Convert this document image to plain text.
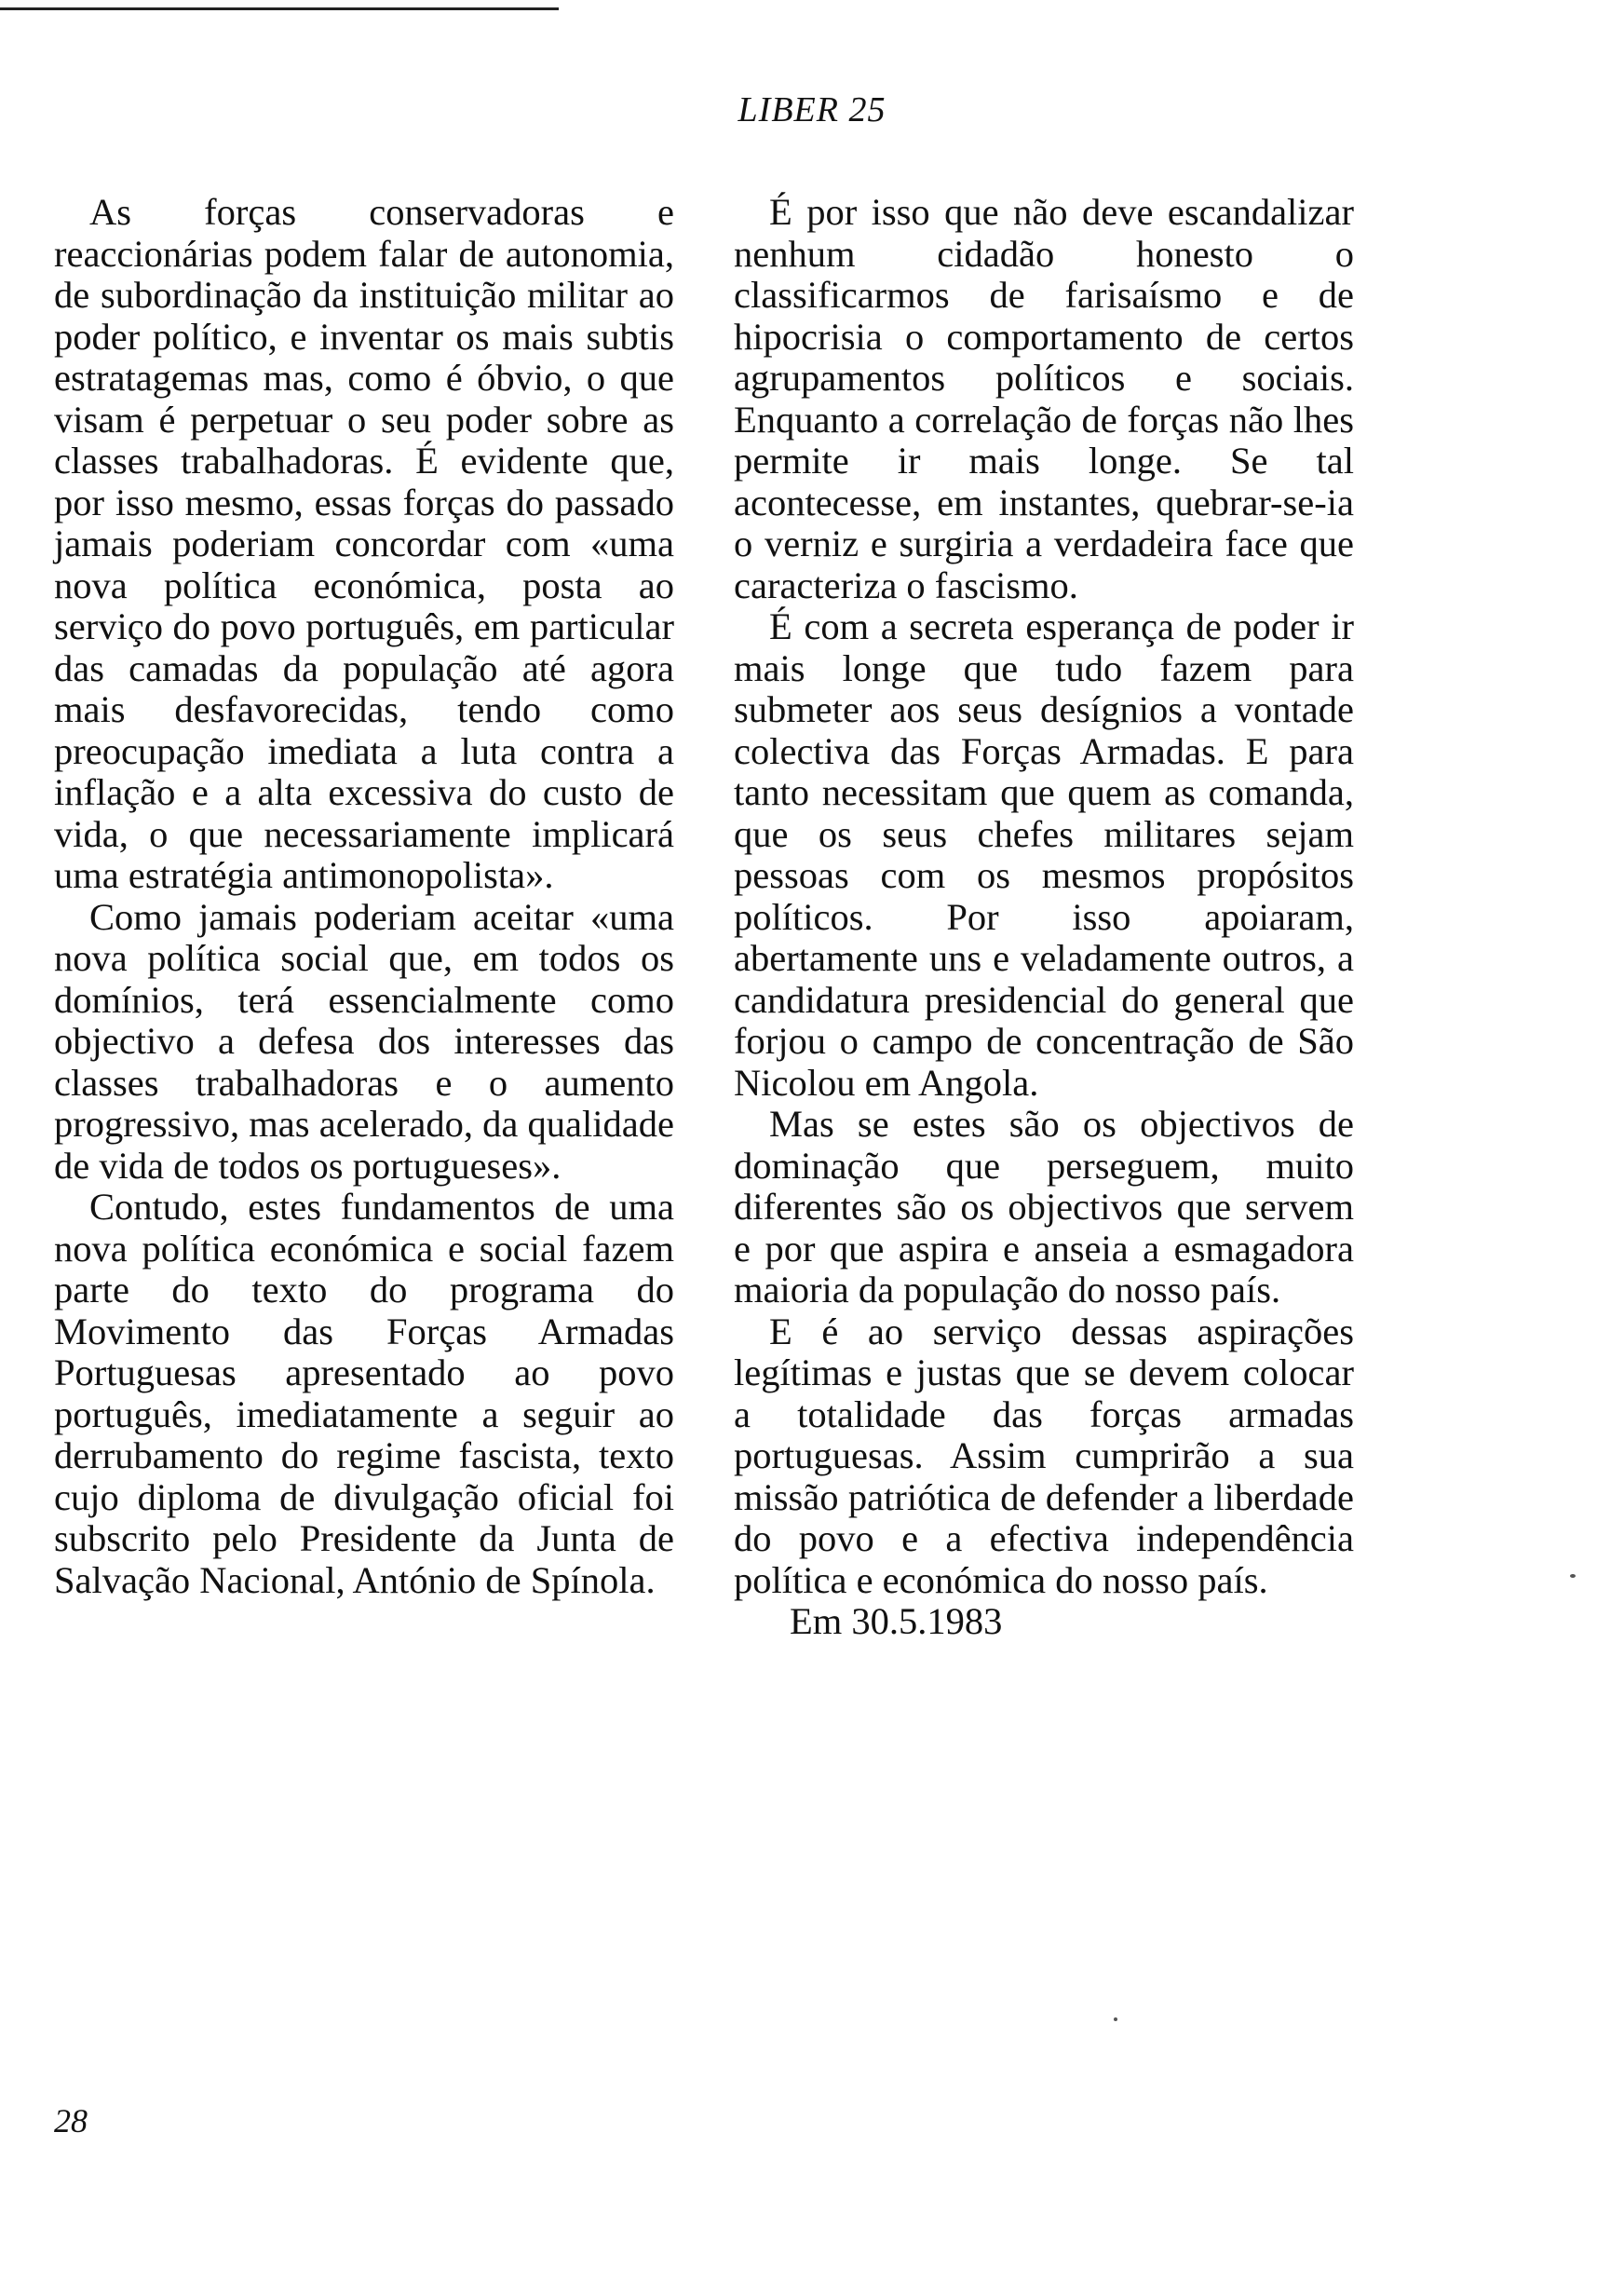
LIBER 25

As forças conservadoras e reaccionárias podem falar de autonomia, de subordinação da instituição militar ao poder político, e inventar os mais subtis estratagemas mas, como é óbvio, o que visam é perpetuar o seu poder sobre as classes trabalhadoras. É evidente que, por isso mesmo, essas forças do passado jamais poderiam concordar com «uma nova política económica, posta ao serviço do povo português, em particular das camadas da população até agora mais desfavorecidas, tendo como preocupação imediata a luta contra a inflação e a alta excessiva do custo de vida, o que necessariamente implicará uma estratégia antimonopolista».

Como jamais poderiam aceitar «uma nova política social que, em todos os domínios, terá essencialmente como objectivo a defesa dos interesses das classes trabalhadoras e o aumento progressivo, mas acelerado, da qualidade de vida de todos os portugueses».

Contudo, estes fundamentos de uma nova política económica e social fazem parte do texto do programa do Movimento das Forças Armadas Portuguesas apresentado ao povo português, imediatamente a seguir ao derrubamento do regime fascista, texto cujo diploma de divulgação oficial foi subscrito pelo Presidente da Junta de Salvação Nacional, António de Spínola.

É por isso que não deve escandalizar nenhum cidadão honesto o classificarmos de farisaísmo e de hipocrisia o comportamento de certos agrupamentos políticos e sociais. Enquanto a correlação de forças não lhes permite ir mais longe. Se tal acontecesse, em instantes, quebrar-se-ia o verniz e surgiria a verdadeira face que caracteriza o fascismo.

É com a secreta esperança de poder ir mais longe que tudo fazem para submeter aos seus desígnios a vontade colectiva das Forças Armadas. E para tanto necessitam que quem as comanda, que os seus chefes militares sejam pessoas com os mesmos propósitos políticos. Por isso apoiaram, abertamente uns e veladamente outros, a candidatura presidencial do general que forjou o campo de concentração de São Nicolou em Angola.

Mas se estes são os objectivos de dominação que perseguem, muito diferentes são os objectivos que servem e por que aspira e anseia a esmagadora maioria da população do nosso país.

E é ao serviço dessas aspirações legítimas e justas que se devem colocar a totalidade das forças armadas portuguesas. Assim cumprirão a sua missão patriótica de defender a liberdade do povo e a efectiva independência política e económica do nosso país.

Em 30.5.1983

28
